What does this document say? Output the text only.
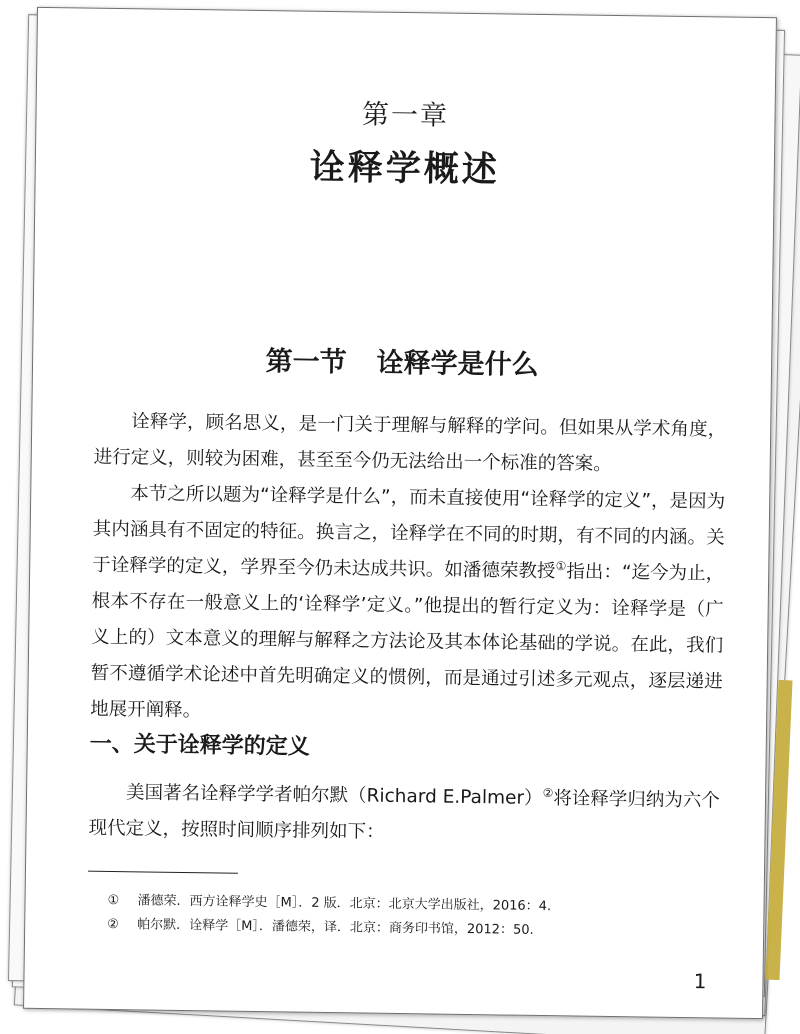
第一章
诠释学概述
第一节 诠释学是什么

诠释学，顾名思义，是一门关于理解与解释的学问。但如果从学术角度，进行定义，则较为困难，甚至至今仍无法给出一个标准的答案。

本节之所以题为“诠释学是什么”，而未直接使用“诠释学的定义”，是因为其内涵具有不固定的特征。换言之，诠释学在不同的时期，有不同的内涵。关于诠释学的定义，学界至今仍未达成共识。如潘德荣教授①指出：“迄今为止，根本不存在一般意义上的‘诠释学’定义。”他提出的暂行定义为：诠释学是（广义上的）文本意义的理解与解释之方法论及其本体论基础的学说。在此，我们暂不遵循学术论述中首先明确定义的惯例，而是通过引述多元观点，逐层递进地展开阐释。

一、关于诠释学的定义

美国著名诠释学学者帕尔默（Richard E.Palmer）②将诠释学归纳为六个现代定义，按照时间顺序排列如下：

①	潘德荣．西方诠释学史［M］．2 版．北京：北京大学出版社，2016：4.
②	帕尔默．诠释学［M］．潘德荣，译．北京：商务印书馆，2012：50.
1
